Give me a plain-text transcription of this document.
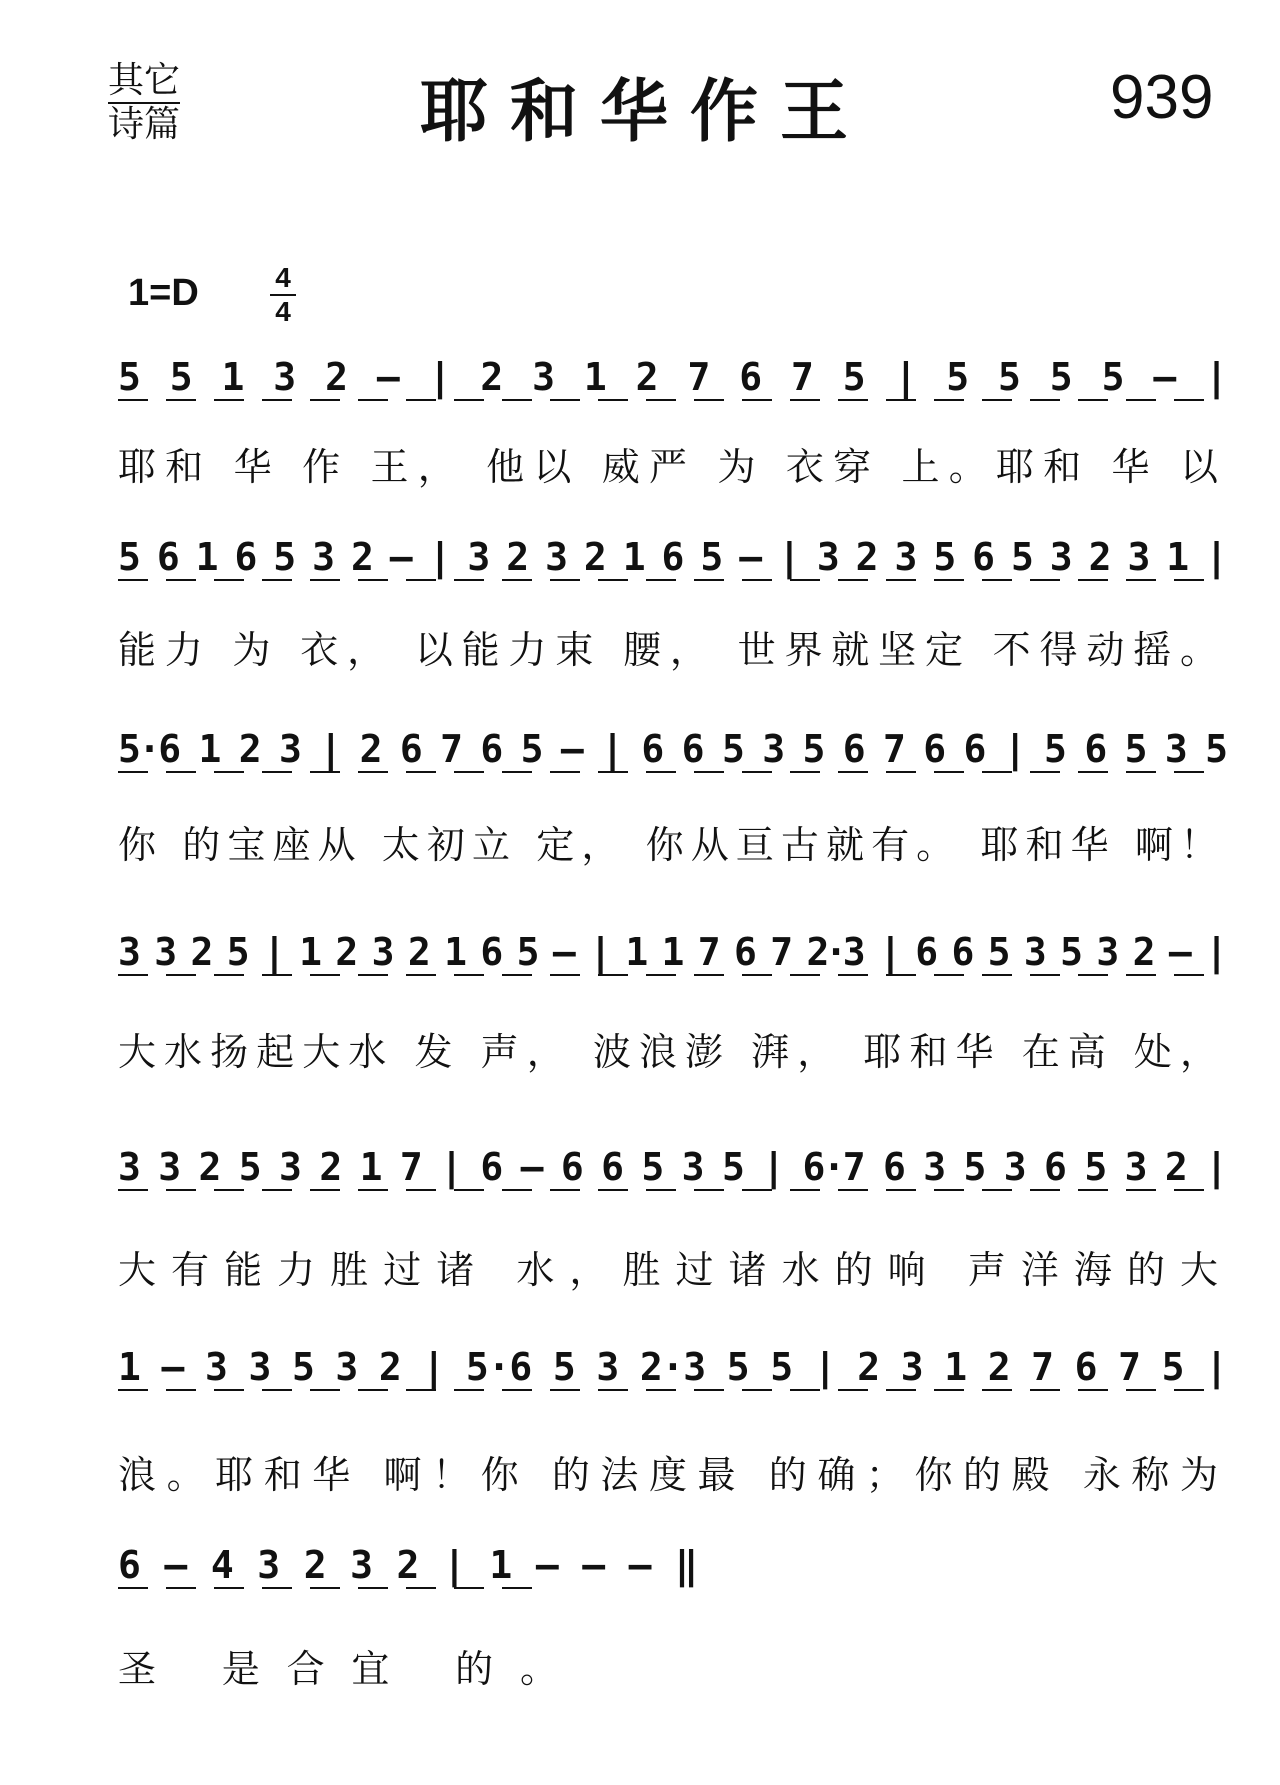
其它
诗篇	耶和华作王	939
1=D	4
4
5 5 1 3 2 – | 2 3 1 2 7 6 7 5 | 5 5 5 5 – |
耶和 华 作 王， 他以 威严 为 衣穿 上。耶和 华 以
5 6 1 6 5 3 2 – | 3 2 3 2 1 6 5 – | 3 2 3 5 6 5 3 2 3 1 |
能力 为 衣， 以能力束 腰， 世界就坚定 不得动摇。
5·6 1 2 3 | 2 6 7 6 5 – | 6 6 5 3 5 6 7 6 6 | 5 6 5 3 5
你 的宝座从 太初立 定， 你从亘古就有。 耶和华 啊！
3 3 2 5 | 1 2 3 2 1 6 5 – | 1 1 7 6 7 2·3 | 6 6 5 3 5 3 2 – |
大水扬起大水 发 声， 波浪澎 湃， 耶和华 在高 处，
3 3 2 5 3 2 1 7 | 6 – 6 6 5 3 5 | 6·7 6 3 5 3 6 5 3 2 |
大有能力胜过诸 水，胜过诸水的响 声洋海的大
1 – 3 3 5 3 2 | 5·6 5 3 2·3 5 5 | 2 3 1 2 7 6 7 5 |
浪。耶和华 啊！你 的法度最 的确；你的殿 永称为
6 – 4 3 2 3 2 | 1 – – – ‖
圣 是合宜 的。
